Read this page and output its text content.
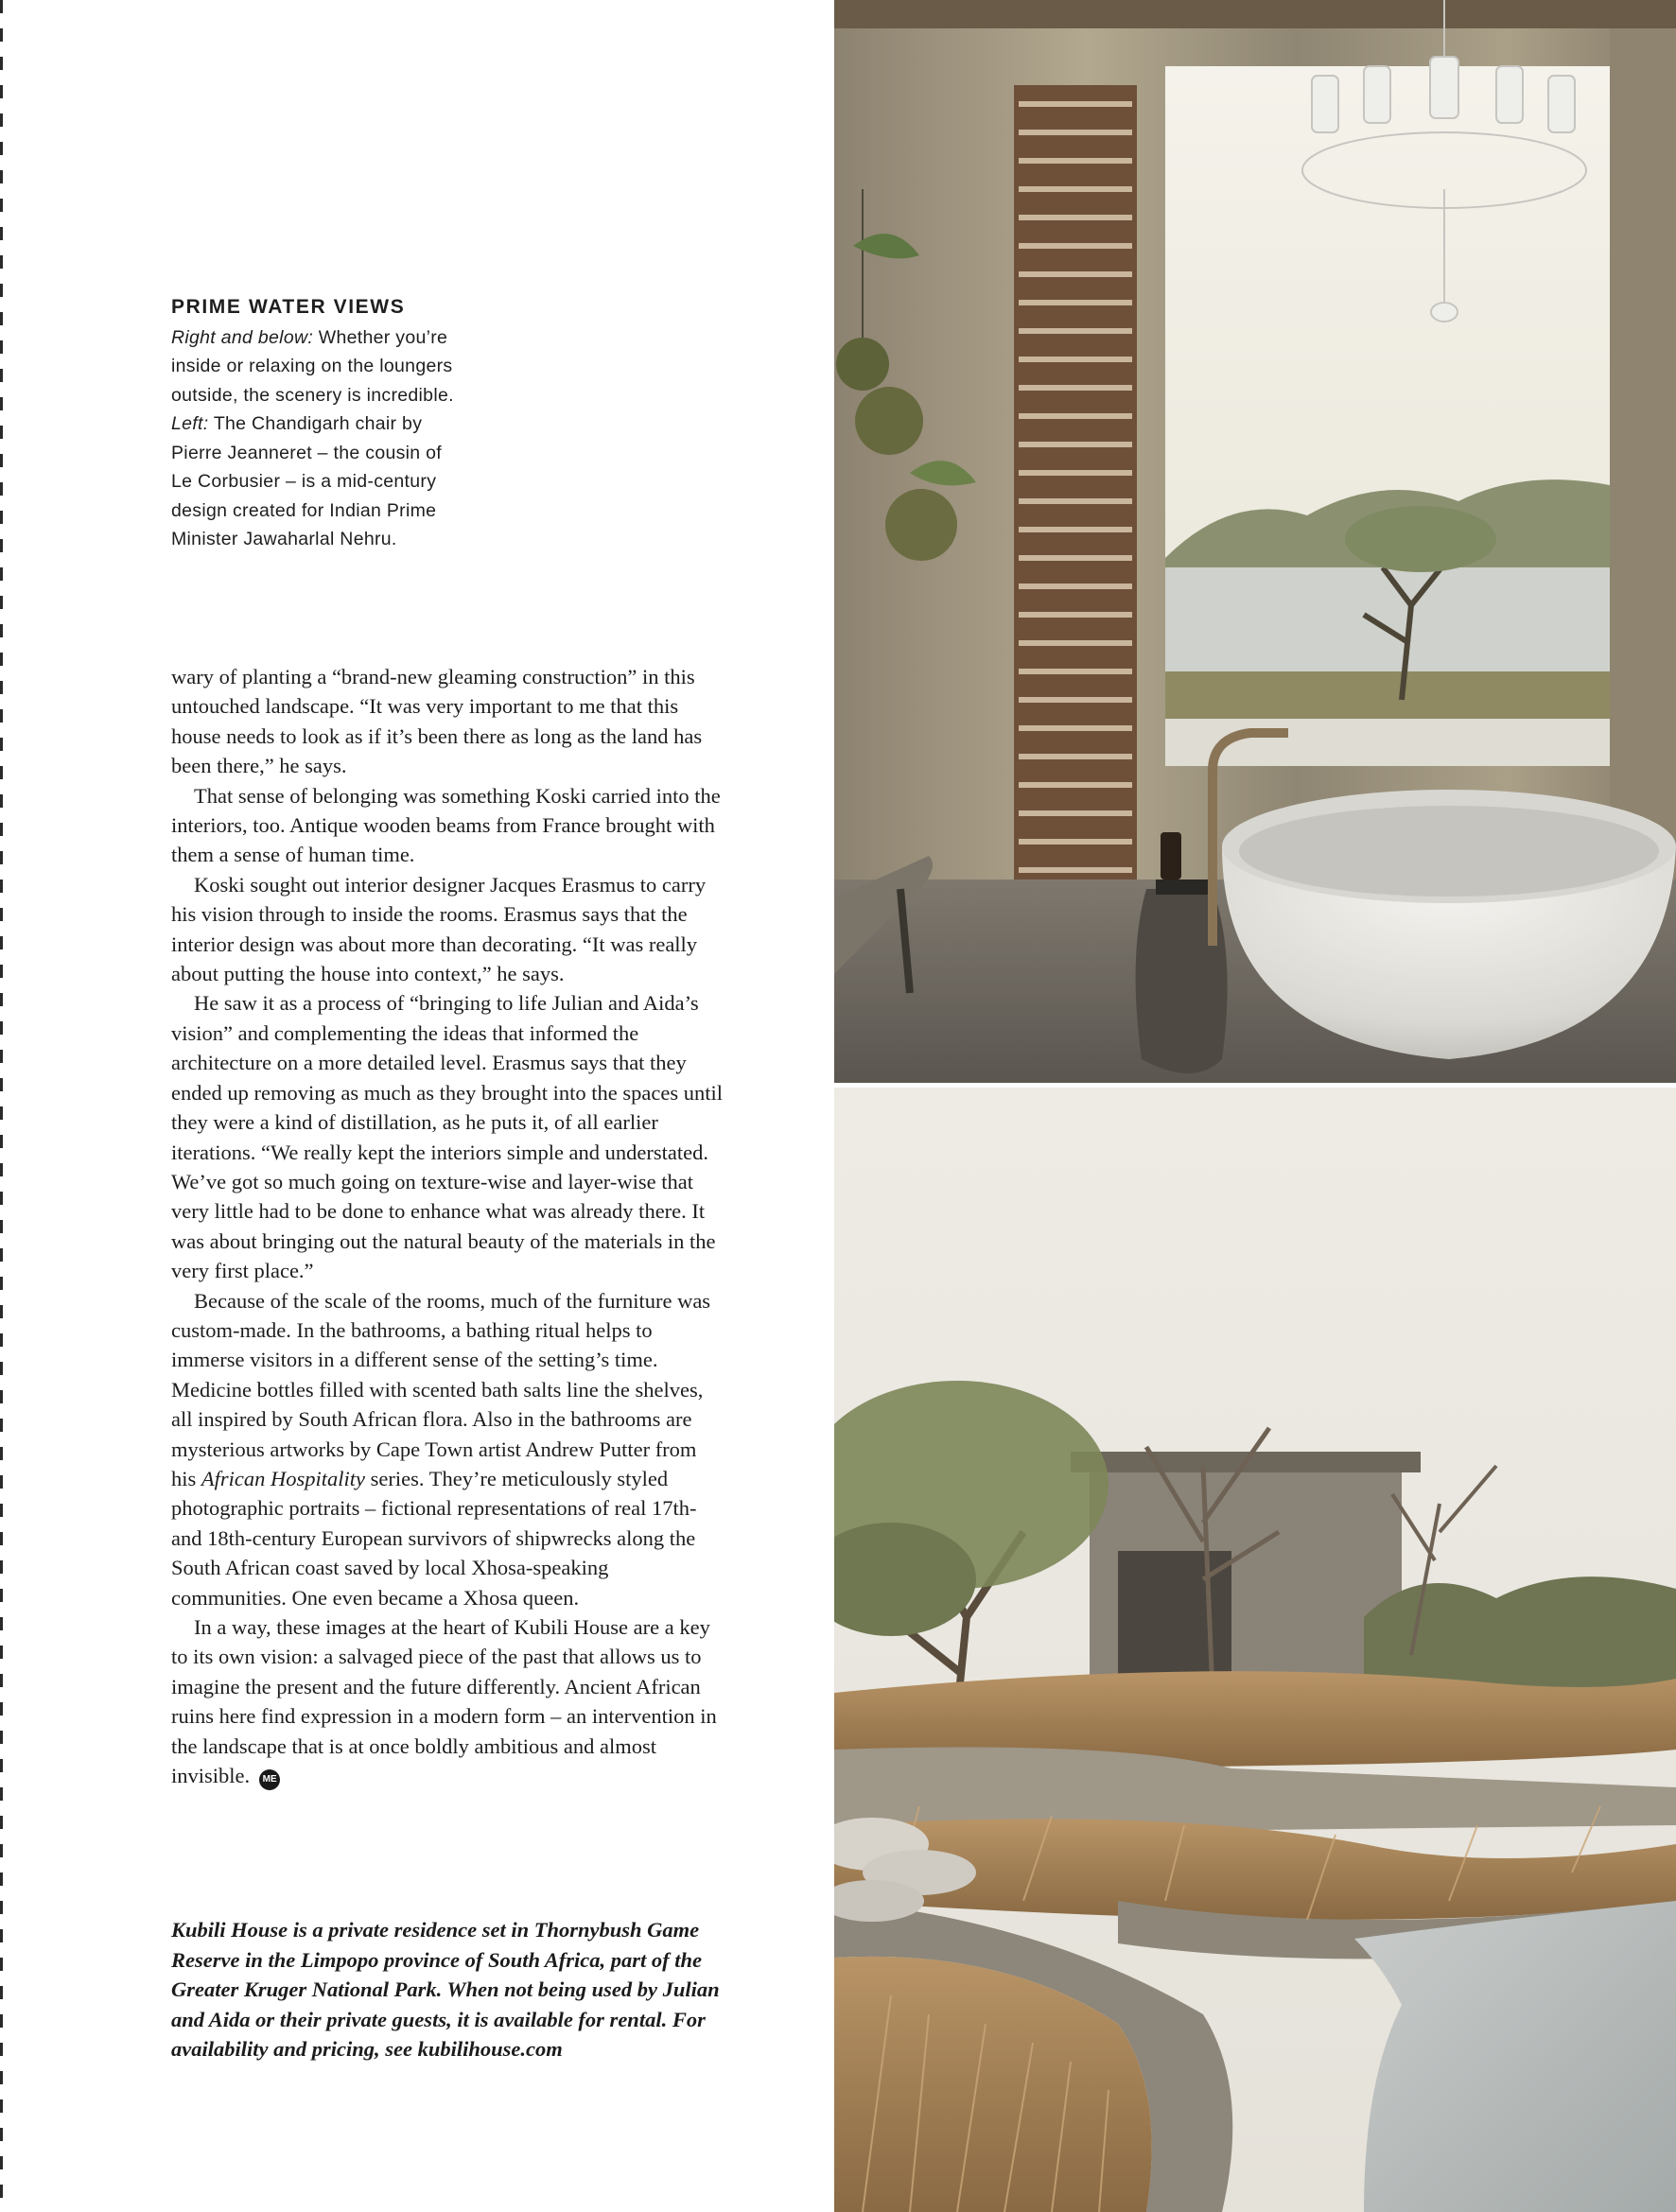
PRIME WATER VIEWS
Right and below: Whether you’re inside or relaxing on the loungers outside, the scenery is incredible. Left: The Chandigarh chair by Pierre Jeanneret – the cousin of Le Corbusier – is a mid-century design created for Indian Prime Minister Jawaharlal Nehru.

wary of planting a “brand-new gleaming construction” in this untouched landscape. “It was very important to me that this house needs to look as if it’s been there as long as the land has been there,” he says.

That sense of belonging was something Koski carried into the interiors, too. Antique wooden beams from France brought with them a sense of human time.

Koski sought out interior designer Jacques Erasmus to carry his vision through to inside the rooms. Erasmus says that the interior design was about more than decorating. “It was really about putting the house into context,” he says.

He saw it as a process of “bringing to life Julian and Aida’s vision” and complementing the ideas that informed the architecture on a more detailed level. Erasmus says that they ended up removing as much as they brought into the spaces until they were a kind of distillation, as he puts it, of all earlier iterations. “We really kept the interiors simple and understated. We’ve got so much going on texture-wise and layer-wise that very little had to be done to enhance what was already there. It was about bringing out the natural beauty of the materials in the very first place.”

Because of the scale of the rooms, much of the furniture was custom-made. In the bathrooms, a bathing ritual helps to immerse visitors in a different sense of the setting’s time. Medicine bottles filled with scented bath salts line the shelves, all inspired by South African flora. Also in the bathrooms are mysterious artworks by Cape Town artist Andrew Putter from his African Hospitality series. They’re meticulously styled photographic portraits – fictional representations of real 17th- and 18th-century European survivors of shipwrecks along the South African coast saved by local Xhosa-speaking communities. One even became a Xhosa queen.

In a way, these images at the heart of Kubili House are a key to its own vision: a salvaged piece of the past that allows us to imagine the present and the future differently. Ancient African ruins here find expression in a modern form – an intervention in the landscape that is at once boldly ambitious and almost invisible. ME

Kubili House is a private residence set in Thornybush Game Reserve in the Limpopo province of South Africa, part of the Greater Kruger National Park. When not being used by Julian and Aida or their private guests, it is available for rental. For availability and pricing, see kubilihouse.com
